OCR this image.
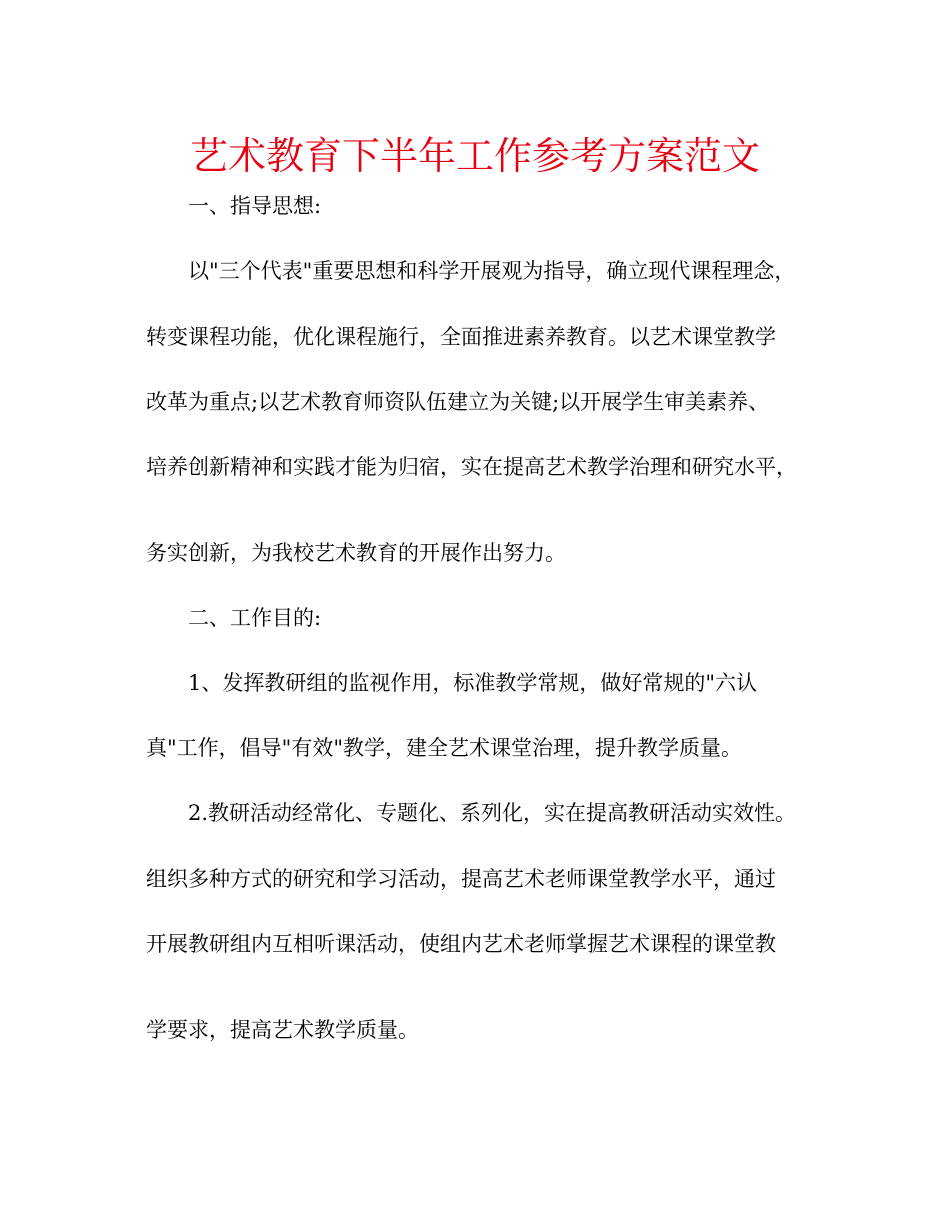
艺术教育下半年工作参考方案范文
一、指导思想:
以"三个代表"重要思想和科学开展观为指导，确立现代课程理念，
转变课程功能，优化课程施行，全面推进素养教育。以艺术课堂教学
改革为重点;以艺术教育师资队伍建立为关键;以开展学生审美素养、
培养创新精神和实践才能为归宿，实在提高艺术教学治理和研究水平，
务实创新，为我校艺术教育的开展作出努力。
二、工作目的:
1、发挥教研组的监视作用，标准教学常规，做好常规的"六认
真"工作，倡导"有效"教学，建全艺术课堂治理，提升教学质量。
2.教研活动经常化、专题化、系列化，实在提高教研活动实效性。
组织多种方式的研究和学习活动，提高艺术老师课堂教学水平，通过
开展教研组内互相听课活动，使组内艺术老师掌握艺术课程的课堂教
学要求，提高艺术教学质量。
